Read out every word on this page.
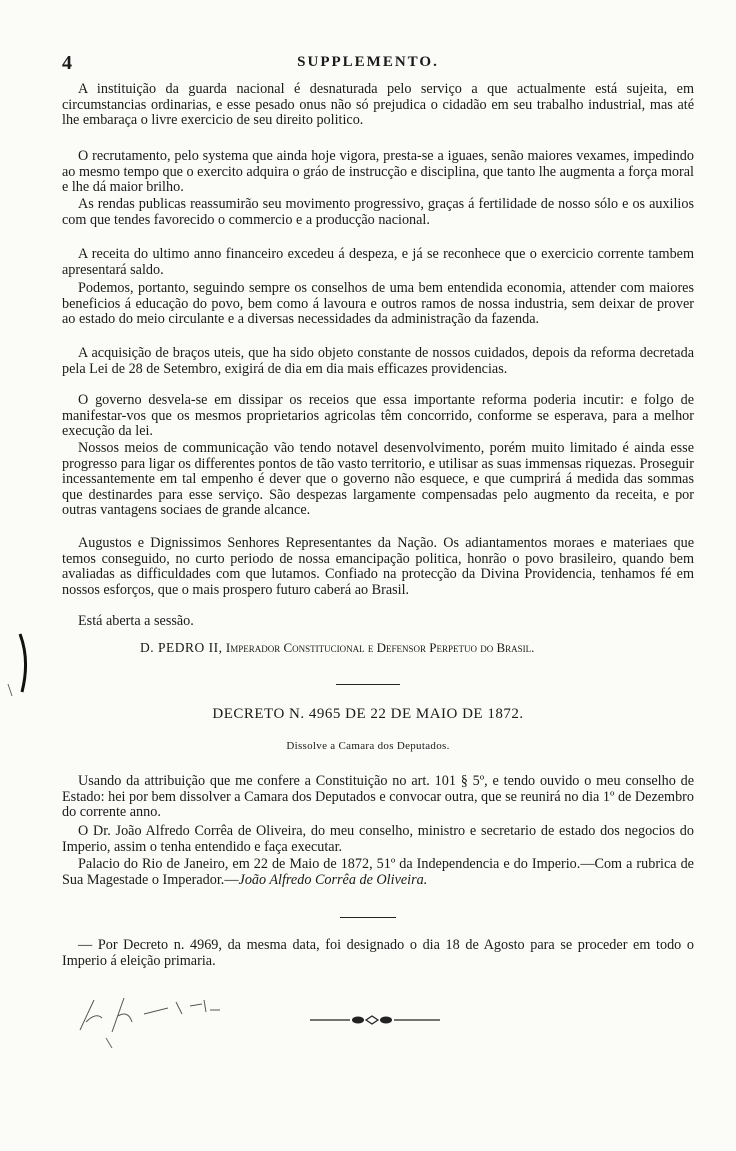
4	SUPPLEMENTO.

A instituição da guarda nacional é desnaturada pelo serviço a que actualmente está sujeita, em circumstancias ordinarias, e esse pesado onus não só prejudica o cidadão em seu trabalho industrial, mas até lhe embaraça o livre exercicio de seu direito politico.

O recrutamento, pelo systema que ainda hoje vigora, presta-se a iguaes, senão maiores vexames, impedindo ao mesmo tempo que o exercito adquira o gráo de instrucção e disciplina, que tanto lhe augmenta a força moral e lhe dá maior brilho.

As rendas publicas reassumirão seu movimento progressivo, graças á fertilidade de nosso sólo e os auxilios com que tendes favorecido o commercio e a producção nacional.

A receita do ultimo anno financeiro excedeu á despeza, e já se reconhece que o exercicio corrente tambem apresentará saldo.

Podemos, portanto, seguindo sempre os conselhos de uma bem entendida economia, attender com maiores beneficios á educação do povo, bem como á lavoura e outros ramos de nossa industria, sem deixar de prover ao estado do meio circulante e a diversas necessidades da administração da fazenda.

A acquisição de braços uteis, que ha sido objeto constante de nossos cuidados, depois da reforma decretada pela Lei de 28 de Setembro, exigirá de dia em dia mais efficazes providencias.

O governo desvela-se em dissipar os receios que essa importante reforma poderia incutir: e folgo de manifestar-vos que os mesmos proprietarios agricolas têm concorrido, conforme se esperava, para a melhor execução da lei.

Nossos meios de communicação vão tendo notavel desenvolvimento, porém muito limitado é ainda esse progresso para ligar os differentes pontos de tão vasto territorio, e utilisar as suas immensas riquezas. Proseguir incessantemente em tal empenho é dever que o governo não esquece, e que cumprirá á medida das sommas que destinardes para esse serviço. São despezas largamente compensadas pelo augmento da receita, e por outras vantagens sociaes de grande alcance.

Augustos e Dignissimos Senhores Representantes da Nação. Os adiantamentos moraes e materiaes que temos conseguido, no curto periodo de nossa emancipação politica, honrão o povo brasileiro, quando bem avaliadas as difficuldades com que lutamos. Confiado na protecção da Divina Providencia, tenhamos fé em nossos esforços, que o mais prospero futuro caberá ao Brasil.

Está aberta a sessão.

D. PEDRO II, Imperador Constitucional e Defensor Perpetuo do Brasil.
DECRETO N. 4965 DE 22 DE MAIO DE 1872.
Dissolve a Camara dos Deputados.

Usando da attribuição que me confere a Constituição no art. 101 § 5º, e tendo ouvido o meu conselho de Estado: hei por bem dissolver a Camara dos Deputados e convocar outra, que se reunirá no dia 1º de Dezembro do corrente anno.

O Dr. João Alfredo Corrêa de Oliveira, do meu conselho, ministro e secretario de estado dos negocios do Imperio, assim o tenha entendido e faça executar.

Palacio do Rio de Janeiro, em 22 de Maio de 1872, 51º da Independencia e do Imperio.—Com a rubrica de Sua Magestade o Imperador.—João Alfredo Corrêa de Oliveira.

— Por Decreto n. 4969, da mesma data, foi designado o dia 18 de Agosto para se proceder em todo o Imperio á eleição primaria.
